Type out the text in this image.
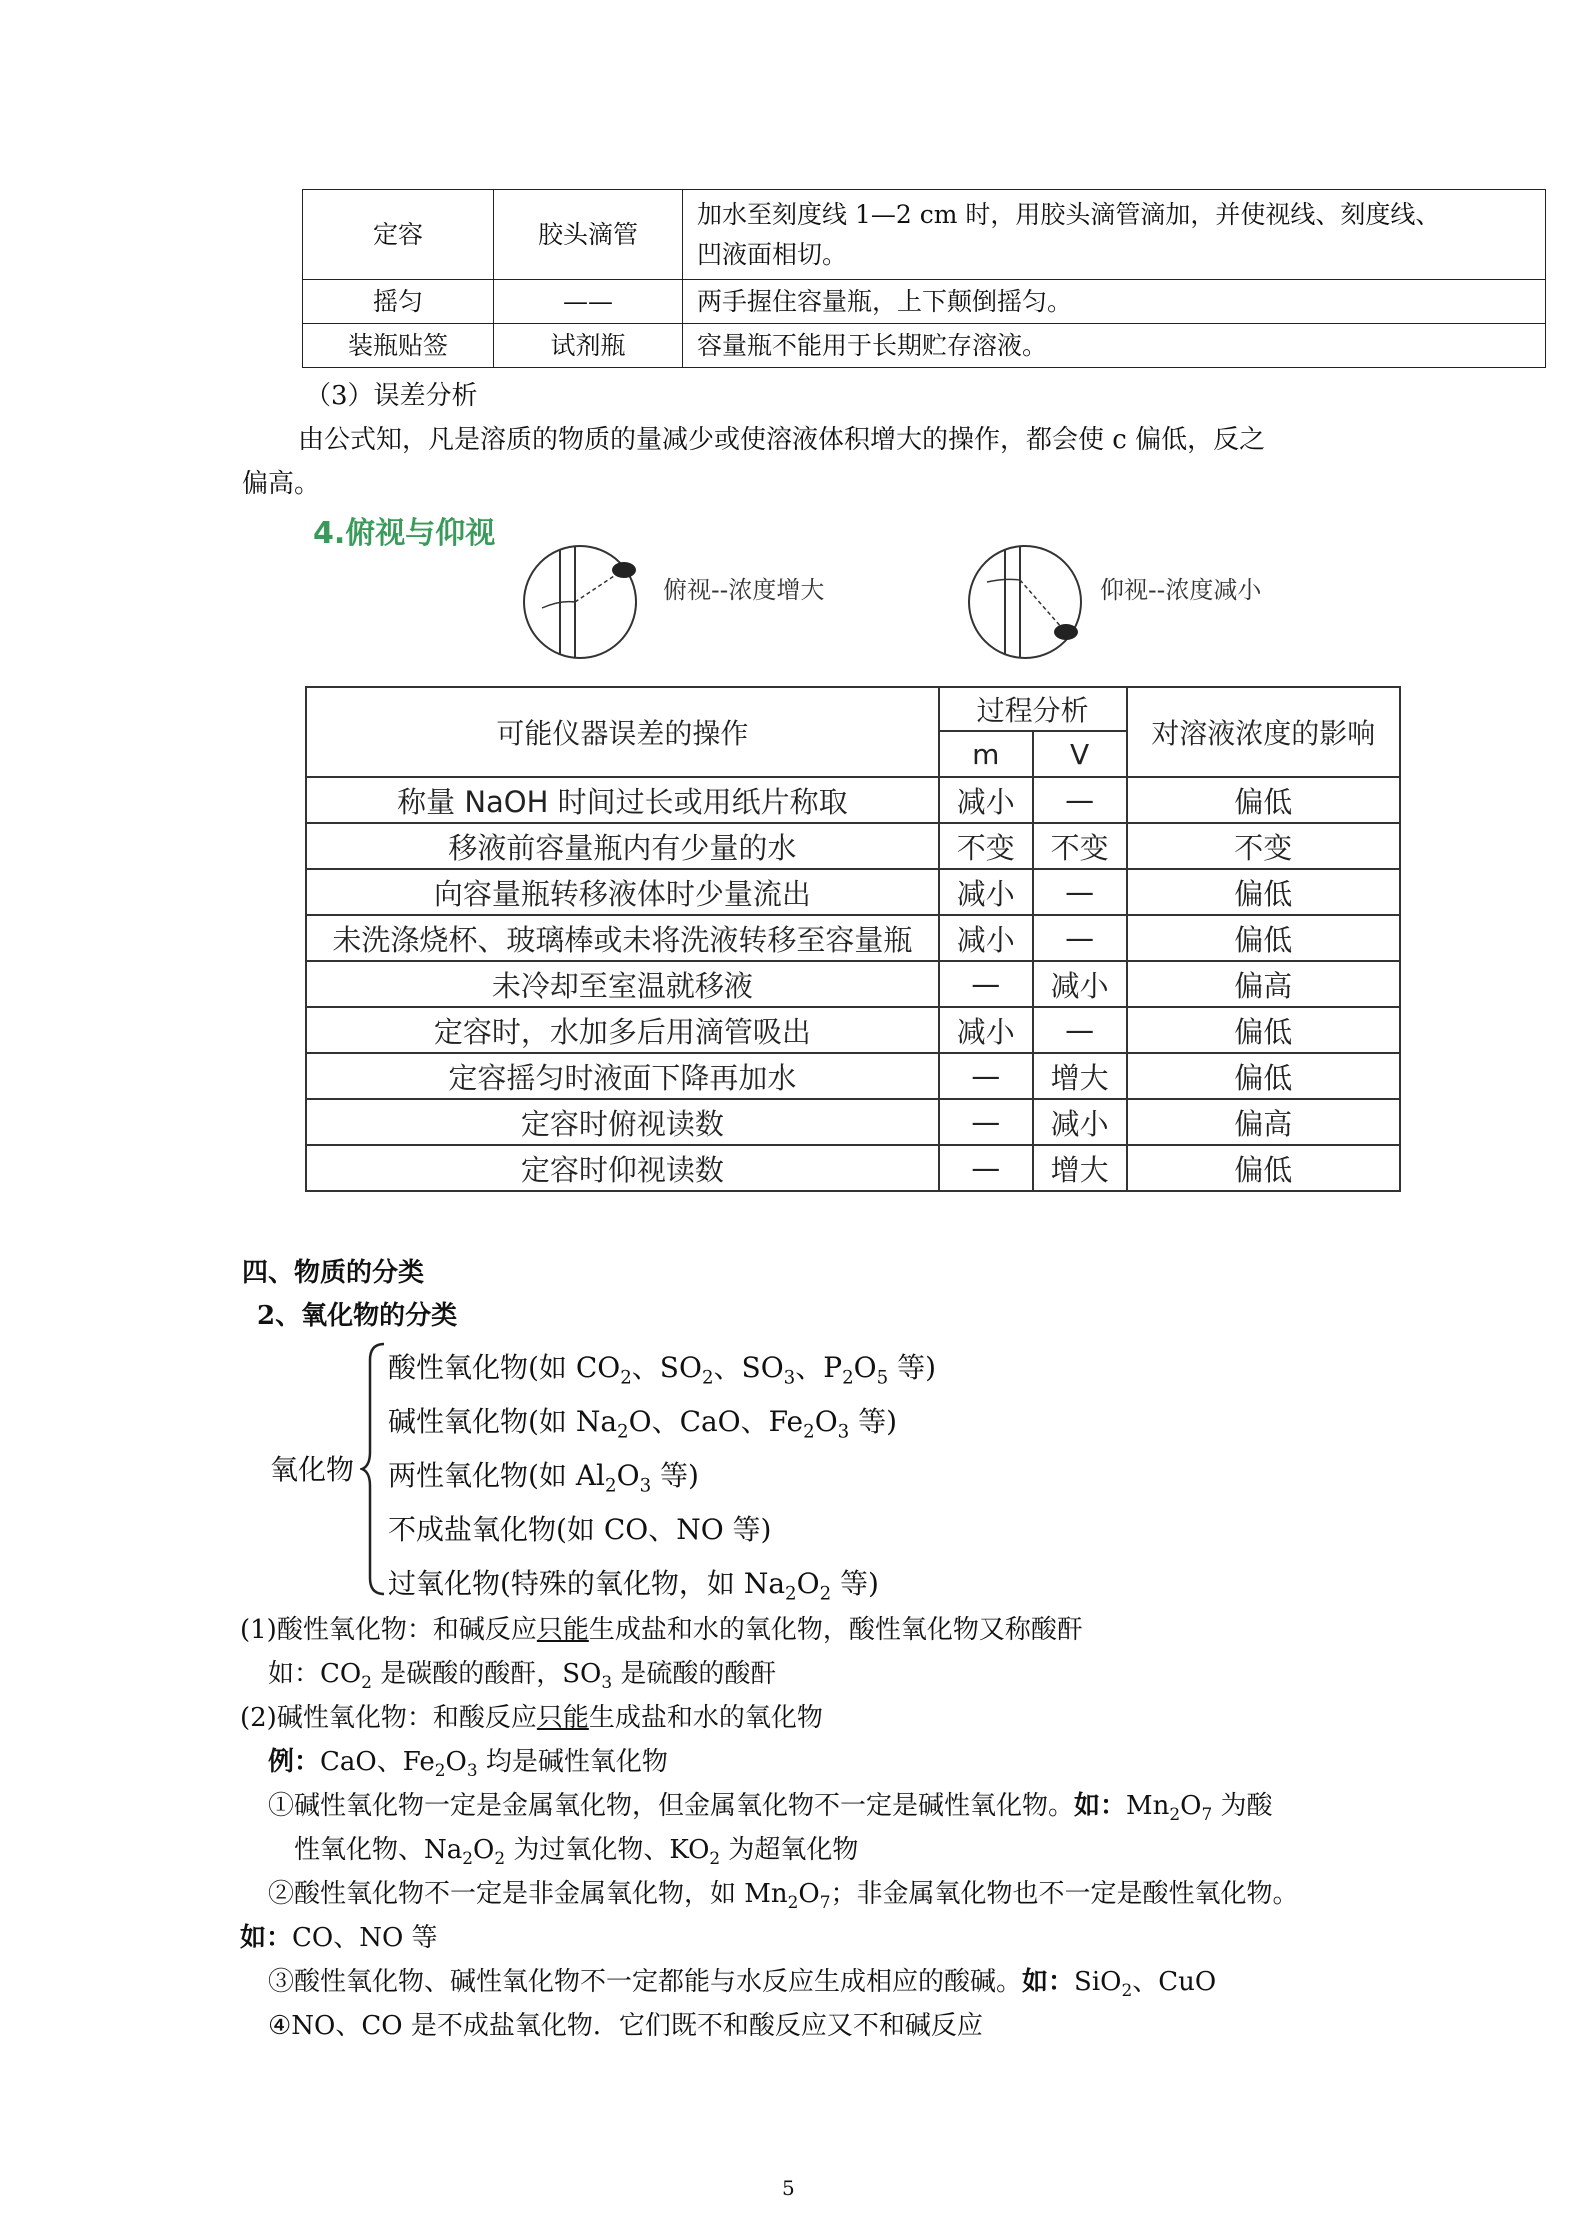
定容	胶头滴管	加水至刻度线 1—2 cm 时，用胶头滴管滴加，并使视线、刻度线、
凹液面相切。
摇匀	——	两手握住容量瓶，上下颠倒摇匀。
装瓶贴签	试剂瓶	容量瓶不能用于长期贮存溶液。
（3）误差分析
由公式知，凡是溶质的物质的量减少或使溶液体积增大的操作，都会使 c 偏低，反之
偏高。
4.俯视与仰视
俯视--浓度增大	仰视--浓度减小
可能仪器误差的操作	过程分析		对溶液浓度的影响
	m	V	
称量 NaOH 时间过长或用纸片称取	减小	—	偏低
移液前容量瓶内有少量的水	不变	不变	不变
向容量瓶转移液体时少量流出	减小	—	偏低
未洗涤烧杯、玻璃棒或未将洗液转移至容量瓶	减小	—	偏低
未冷却至室温就移液	—	减小	偏高
定容时，水加多后用滴管吸出	减小	—	偏低
定容摇匀时液面下降再加水	—	增大	偏低
定容时俯视读数	—	减小	偏高
定容时仰视读数	—	增大	偏低
四、物质的分类
2、氧化物的分类
氧化物
酸性氧化物(如 $CO_2$、$SO_2$、$SO_3$、$P_2O_5$ 等)
碱性氧化物(如 $Na_2O$、CaO、$Fe_2O_3$ 等)
两性氧化物(如 $Al_2O_3$ 等)
不成盐氧化物(如 CO、NO 等)
过氧化物(特殊的氧化物，如 $Na_2O_2$ 等)
(1)酸性氧化物：和碱反应只能生成盐和水的氧化物，酸性氧化物又称酸酐
如：$CO_2$ 是碳酸的酸酐，$SO_3$ 是硫酸的酸酐
(2)碱性氧化物：和酸反应只能生成盐和水的氧化物
例：CaO、$Fe_2O_3$ 均是碱性氧化物
①碱性氧化物一定是金属氧化物，但金属氧化物不一定是碱性氧化物。如：$Mn_2O_7$ 为酸
性氧化物、$Na_2O_2$ 为过氧化物、$KO_2$ 为超氧化物
②酸性氧化物不一定是非金属氧化物，如 $Mn_2O_7$；非金属氧化物也不一定是酸性氧化物。
如：CO、NO 等
③酸性氧化物、碱性氧化物不一定都能与水反应生成相应的酸碱。如：SiO$_2$、CuO
④NO、CO 是不成盐氧化物．它们既不和酸反应又不和碱反应
5
